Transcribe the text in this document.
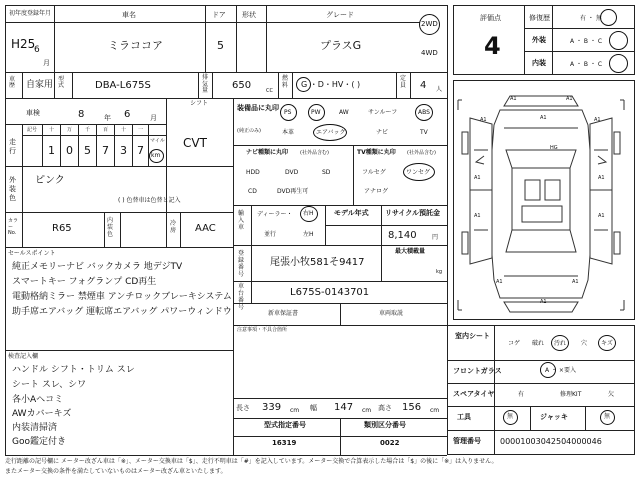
初年度登録年月
H25
6
月
車名
ミラココア
ドア
5
形状	グレード
プラスG
2WD
4WD
車歴	自家用
型式	DBA-L675S
排気量 650	CC
燃料 G ・D・HV・( )
定員 4 人
車検	8	年 6	月
シフト
CVT
走行
記号 十	万	千	百	十 一
1 0 5 7 3 7
マイル
km
外装色
ピンク
( ) 色替車は色替と記入
カラー No.	R65
内装色
冷房 AAC
セールスポイント
純正メモリーナビ バックカメラ 地デジTV
スマートキー フォグランプ CD再生
電動格納ミラー 禁煙車 アンチロックブレーキシステム
助手席エアバッグ 運転席エアバッグ パワーウィンドウ
検査記入欄
ハンドル シフト・トリム スレ
シート スレ、シワ
各小Aヘコミ
AWカバーキズ
内装清掃済
Goo鑑定付き
装備品に丸印
(純正のみ)
PS	PW	AW	サンルーフ	ABS
本革	エアバッグ	ナビ	TV
ナビ種類に丸印 (社外品含む)
HDD	DVD	SD
CD	DVD再生可
TV種類に丸印 (社外品含む)
フルセグ	ワンセグ
アナログ
輸入車
ディーラー・
並行
右H
左H
モデル年式 リサイクル預託金
8,140	円
最大積載量
kg
登録番号
尾張小牧581そ9417
車台番号
L675S-0143701
新車保証書	車両取説
注意事項・不具合箇所
長さ 339 cm 幅 147 cm 高さ 156 cm
型式指定番号
16319
類別区分番号
0022
評価点
4
修復歴	有 ・ 無
外装	A ・ B ・ C
内装	A ・ B ・ C
A1	A1
A1	A1	A1
A1	A1
A1	A1
A1	A1
A1
HG
室内シート
コゲ 破れ 汚れ 穴 キズ
フロントガラス	A ・ ×要入
スペアタイヤ	有	修理KIT	欠
工具	無	ジャッキ	無
管理番号 00001003042504000046
走行距離の記号欄に メーター改ざん車は「※」、メーター交換車は「$」、走行不明車は「#」を記入しています。メーター交換で合算表示した場合は「$」の後に「※」は入りません。
またメーター交換の条件を満たしていないものはメーター改ざん車といたします。
